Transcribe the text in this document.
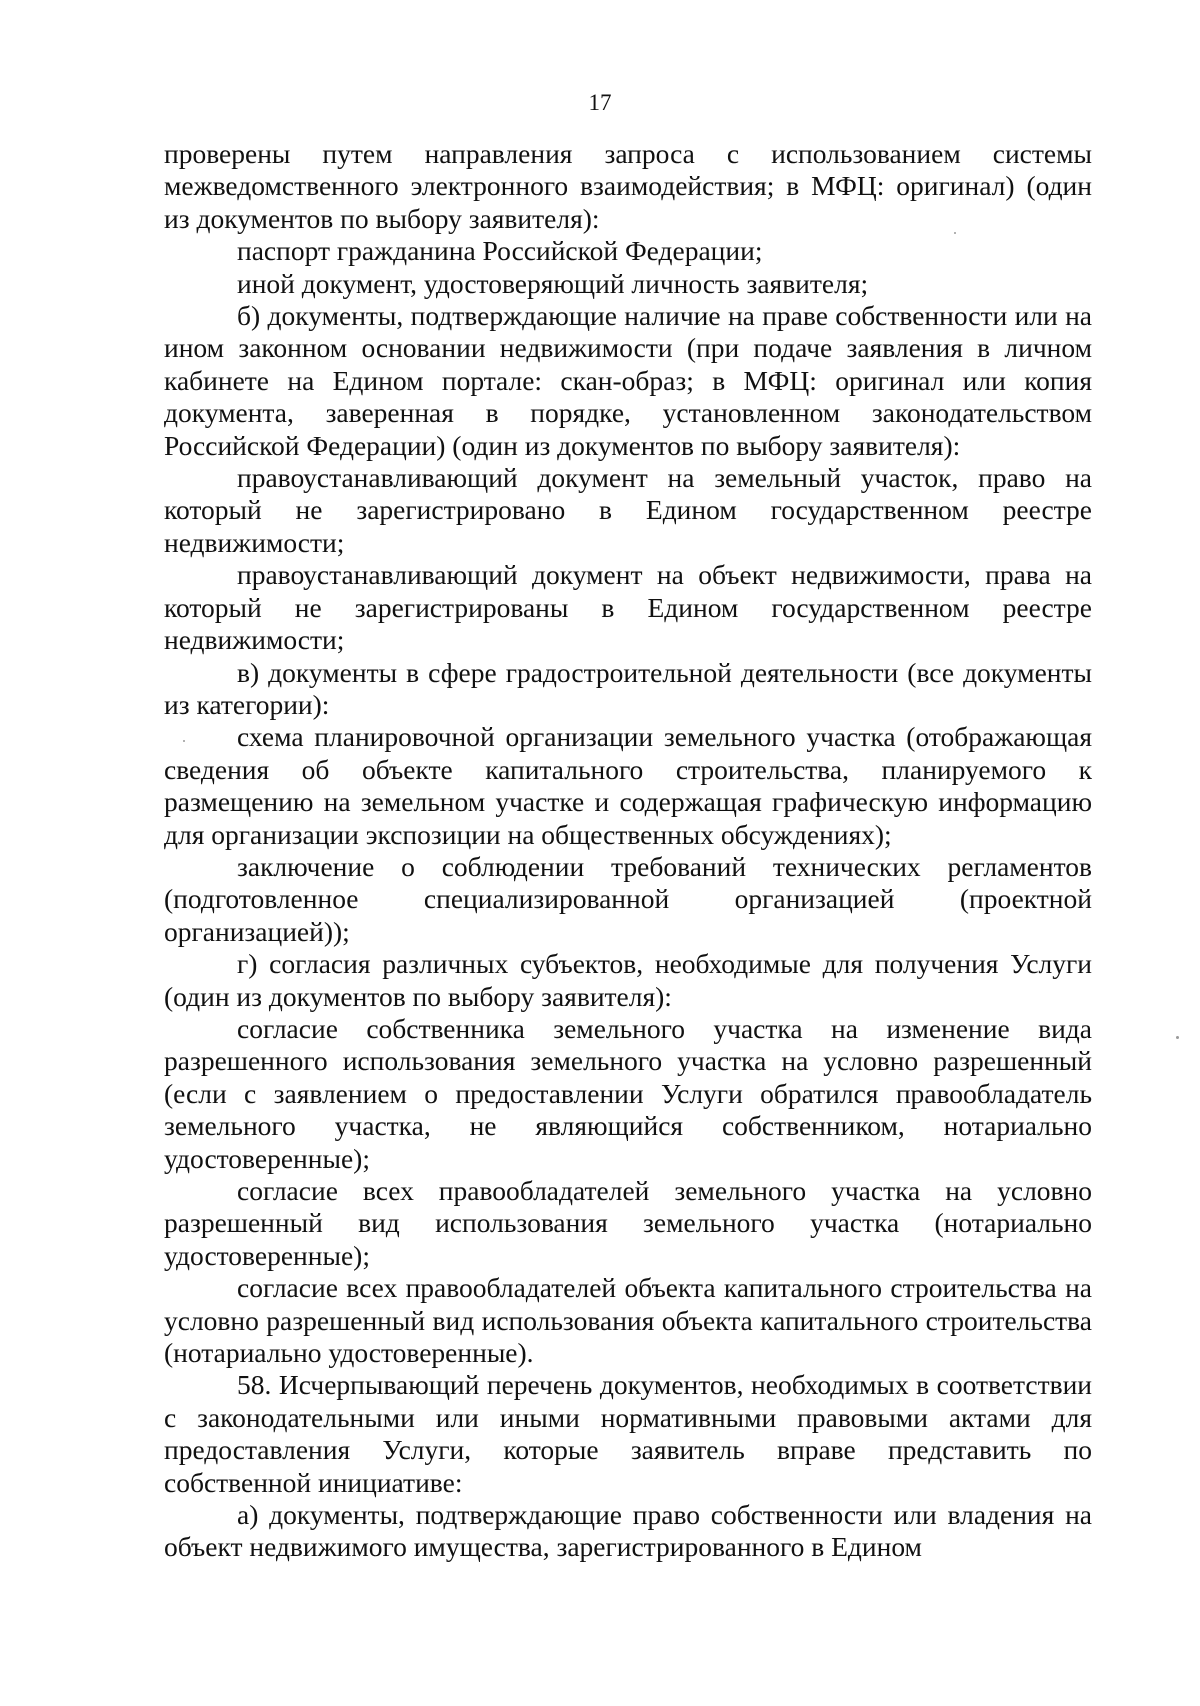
17

проверены путем направления запроса с использованием системы межведомственного электронного взаимодействия; в МФЦ: оригинал) (один из документов по выбору заявителя):

паспорт гражданина Российской Федерации;

иной документ, удостоверяющий личность заявителя;

б) документы, подтверждающие наличие на праве собственности или на ином законном основании недвижимости (при подаче заявления в личном кабинете на Едином портале: скан-образ; в МФЦ: оригинал или копия документа, заверенная в порядке, установленном законодательством Российской Федерации) (один из документов по выбору заявителя):

правоустанавливающий документ на земельный участок, право на который не зарегистрировано в Едином государственном реестре недвижимости;

правоустанавливающий документ на объект недвижимости, права на который не зарегистрированы в Едином государственном реестре недвижимости;

в) документы в сфере градостроительной деятельности (все документы из категории):

схема планировочной организации земельного участка (отображающая сведения об объекте капитального строительства, планируемого к размещению на земельном участке и содержащая графическую информацию для организации экспозиции на общественных обсуждениях);

заключение о соблюдении требований технических регламентов (подготовленное специализированной организацией (проектной организацией));

г) согласия различных субъектов, необходимые для получения Услуги (один из документов по выбору заявителя):

согласие собственника земельного участка на изменение вида разрешенного использования земельного участка на условно разрешенный (если с заявлением о предоставлении Услуги обратился правообладатель земельного участка, не являющийся собственником, нотариально удостоверенные);

согласие всех правообладателей земельного участка на условно разрешенный вид использования земельного участка (нотариально удостоверенные);

согласие всех правообладателей объекта капитального строительства на условно разрешенный вид использования объекта капитального строительства (нотариально удостоверенные).

58. Исчерпывающий перечень документов, необходимых в соответствии с законодательными или иными нормативными правовыми актами для предоставления Услуги, которые заявитель вправе представить по собственной инициативе:

а) документы, подтверждающие право собственности или владения на объект недвижимого имущества, зарегистрированного в Едином
